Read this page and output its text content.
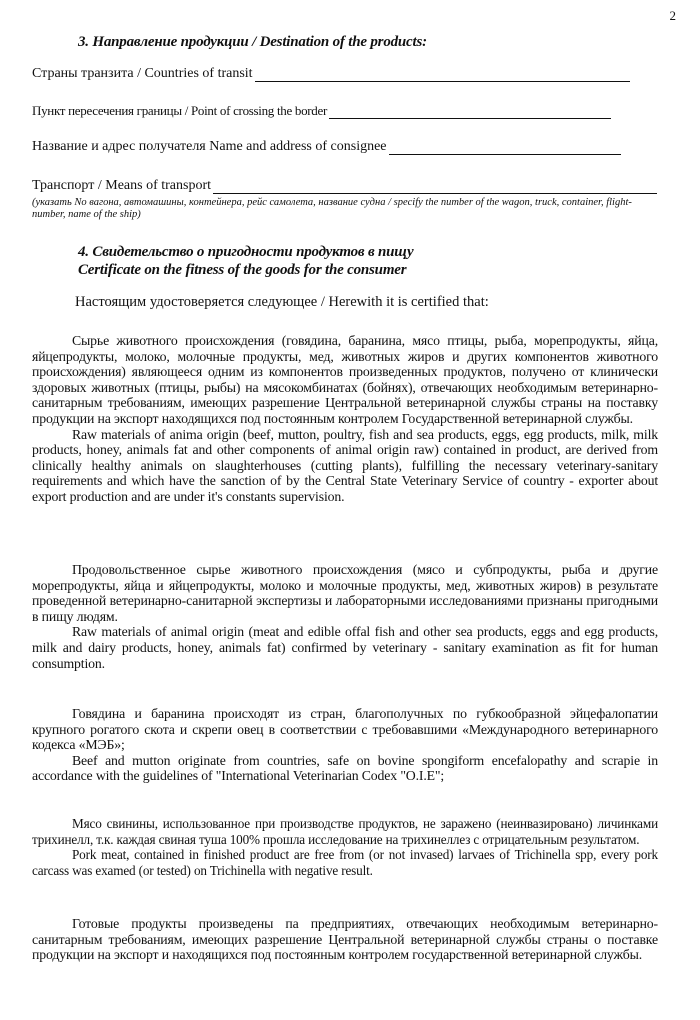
2
3. Направление продукции / Destination of the products:
Страны транзита / Countries of transit
Пункт пересечения границы / Point of crossing the border
Название и адрес получателя Name and address of consignee
Транспорт / Means of transport
(указать No вагона, автомашины, контейнера, рейс самолета, название судна / specify the number of the wagon, truck, container, flight-number, name of the ship)
4. Свидетельство о пригодности продуктов в пищу
Certificate on the fitness of the goods for the consumer
Настоящим удостоверяется следующее / Herewith it is certified that:

Сырье животного происхождения (говядина, баранина, мясо птицы, рыба, морепродукты, яйца, яйцепродукты, молоко, молочные продукты, мед, животных жиров и других компонентов животного происхождения) являющееся одним из компонентов произведенных продуктов, получено от клинически здоровых животных (птицы, рыбы) на мясокомбинатах (бойнях), отвечающих необходимым ветеринарно-санитарным требованиям, имеющих разрешение Центральной ветеринарной службы страны на поставку продукции на экспорт находящихся под постоянным контролем Государственной ветеринарной службы.

Raw materials of anima origin (beef, mutton, poultry, fish and sea products, eggs, egg products, milk, milk products, honey, animals fat and other components of animal origin raw) contained in product, are derived from clinically healthy animals on slaughterhouses (cutting plants), fulfilling the necessary veterinary-sanitary requirements and which have the sanction of by the Central State Veterinary Service of country - exporter about export production and are under it's constants supervision.

Продовольственное сырье животного происхождения (мясо и субпродукты, рыба и другие морепродукты, яйца и яйцепродукты, молоко и молочные продукты, мед, животных жиров) в результате проведенной ветеринарно-санитарной экспертизы и лабораторными исследованиями признаны пригодными в пищу людям.

Raw materials of animal origin (meat and edible offal fish and other sea products, eggs and egg products, milk and dairy products, honey, animals fat) confirmed by veterinary - sanitary examination as fit for human consumption.

Говядина и баранина происходят из стран, благополучных по губкообразной эйцефалопатии крупного рогатого скота и скрепи овец в соответствии с требовавшими «Международного ветеринарного кодекса «МЭБ»;

Beef and mutton originate from countries, safe on bovine spongiform encefalopathy and scrapie in accordance with the guidelines of "International Veterinarian Codex "O.I.E";

Мясо свинины, использованное при производстве продуктов, не заражено (неинвазировано) личинками трихинелл, т.к. каждая свиная туша 100% прошла исследование на трихинеллез с отрицательным результатом.

Pork meat, contained in finished product are free from (or not invased) larvaes of Trichinella spp, every pork carcass was examed (or tested) on Trichinella with negative result.

Готовые продукты произведены па предприятиях, отвечающих необходимым ветеринарно-санитарным требованиям, имеющих разрешение Центральной ветеринарной службы страны о поставке продукции на экспорт и находящихся под постоянным контролем государственной ветеринарной службы.
